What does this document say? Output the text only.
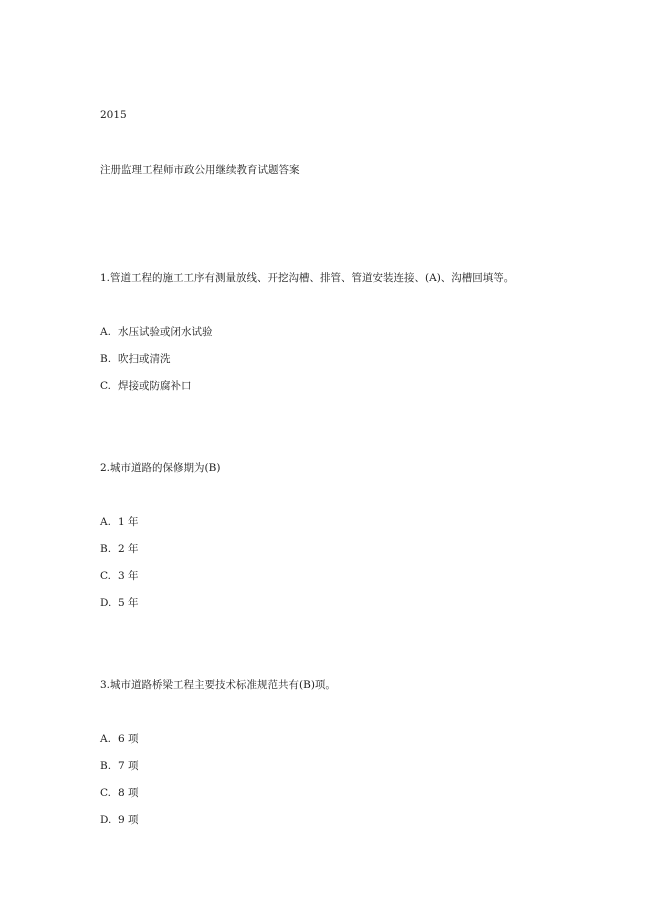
2015
注册监理工程师市政公用继续教育试题答案
1.管道工程的施工工序有测量放线、开挖沟槽、排管、管道安装连接、(A)、沟槽回填等。
A. 水压试验或闭水试验
B. 吹扫或清洗
C. 焊接或防腐补口
2.城市道路的保修期为(B)
A. 1 年
B. 2 年
C. 3 年
D. 5 年
3.城市道路桥梁工程主要技术标准规范共有(B)项。
A. 6 项
B. 7 项
C. 8 项
D. 9 项
